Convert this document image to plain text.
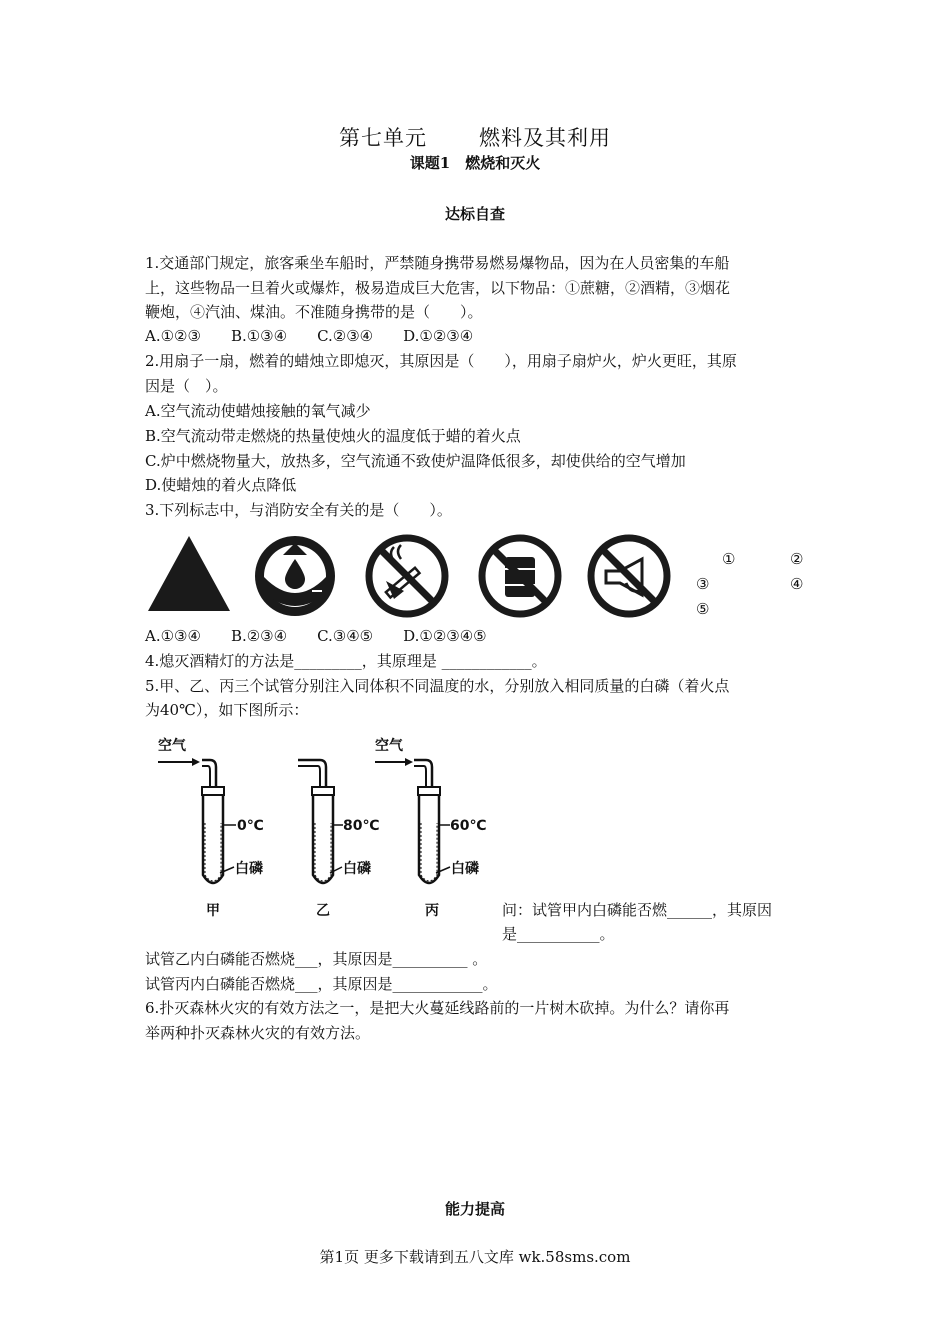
第七单元 燃料及其利用
课题1　燃烧和灭火
达标自查
1.交通部门规定，旅客乘坐车船时，严禁随身携带易燃易爆物品，因为在人员密集的车船
上，这些物品一旦着火或爆炸，极易造成巨大危害，以下物品：①蔗糖，②酒精，③烟花
鞭炮，④汽油、煤油。不准随身携带的是（　　）。
A.①②③　　B.①③④　　C.②③④　　D.①②③④
2.用扇子一扇，燃着的蜡烛立即熄灭，其原因是（　　），用扇子扇炉火，炉火更旺，其原
因是（　）。
A.空气流动使蜡烛接触的氧气减少
B.空气流动带走燃烧的热量使烛火的温度低于蜡的着火点
C.炉中燃烧物量大，放热多，空气流通不致使炉温降低很多，却使供给的空气增加
D.使蜡烛的着火点降低
3.下列标志中，与消防安全有关的是（　　）。
①	②
③	④
⑤
A.①③④　　B.②③④　　C.③④⑤　　D.①②③④⑤
4.熄灭酒精灯的方法是_________，其原理是 ____________。
5.甲、乙、丙三个试管分别注入同体积不同温度的水，分别放入相同质量的白磷（着火点
为40℃），如下图所示：
空气
0℃
白磷
甲
80℃
白磷
乙
空气
60℃
白磷
丙	问：试管甲内白磷能否燃______，其原因
是___________。
试管乙内白磷能否燃烧___，其原因是__________ 。
试管丙内白磷能否燃烧___，其原因是____________。
6.扑灭森林火灾的有效方法之一，是把大火蔓延线路前的一片树木砍掉。为什么？请你再
举两种扑灭森林火灾的有效方法。
能力提高
第1页 更多下载请到五八文库 wk.58sms.com
